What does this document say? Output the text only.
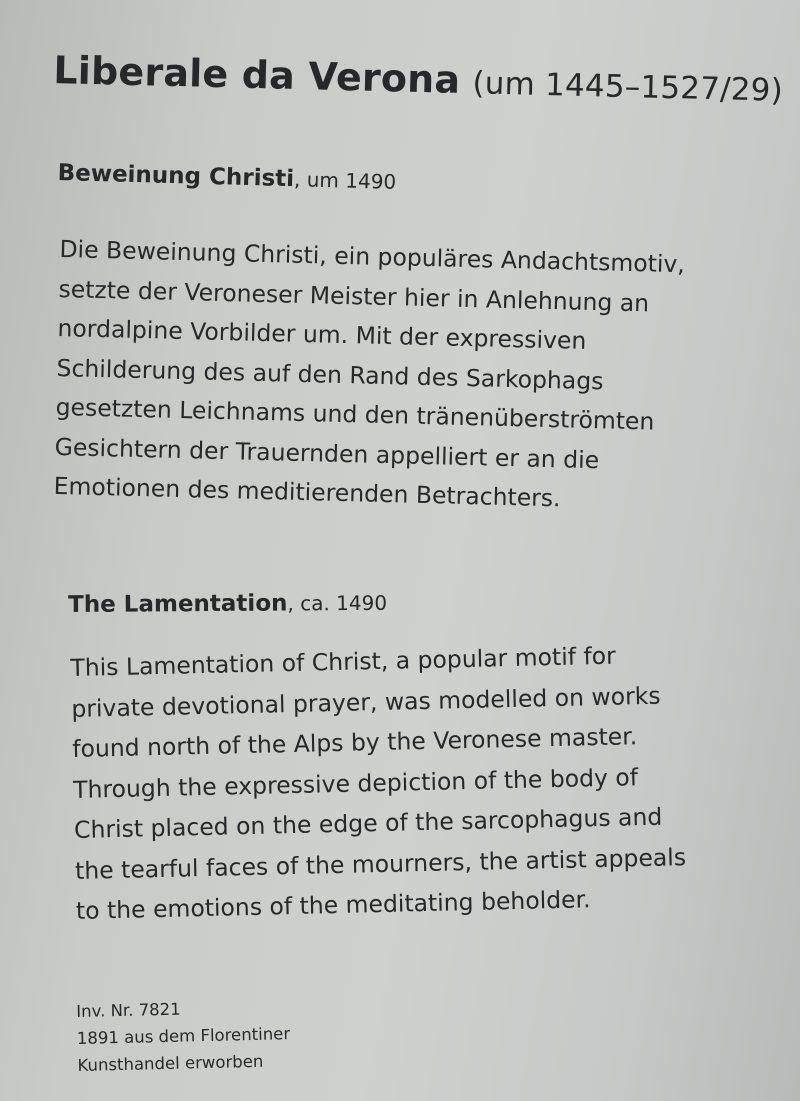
Liberale da Verona (um 1445–1527/29)
Beweinung Christi, um 1490
Die Beweinung Christi, ein populäres Andachtsmotiv,
setzte der Veroneser Meister hier in Anlehnung an
nordalpine Vorbilder um. Mit der expressiven
Schilderung des auf den Rand des Sarkophags
gesetzten Leichnams und den tränenüberströmten
Gesichtern der Trauernden appelliert er an die
Emotionen des meditierenden Betrachters.
The Lamentation, ca. 1490
This Lamentation of Christ, a popular motif for
private devotional prayer, was modelled on works
found north of the Alps by the Veronese master.
Through the expressive depiction of the body of
Christ placed on the edge of the sarcophagus and
the tearful faces of the mourners, the artist appeals
to the emotions of the meditating beholder.
Inv. Nr. 7821
1891 aus dem Florentiner
Kunsthandel erworben
